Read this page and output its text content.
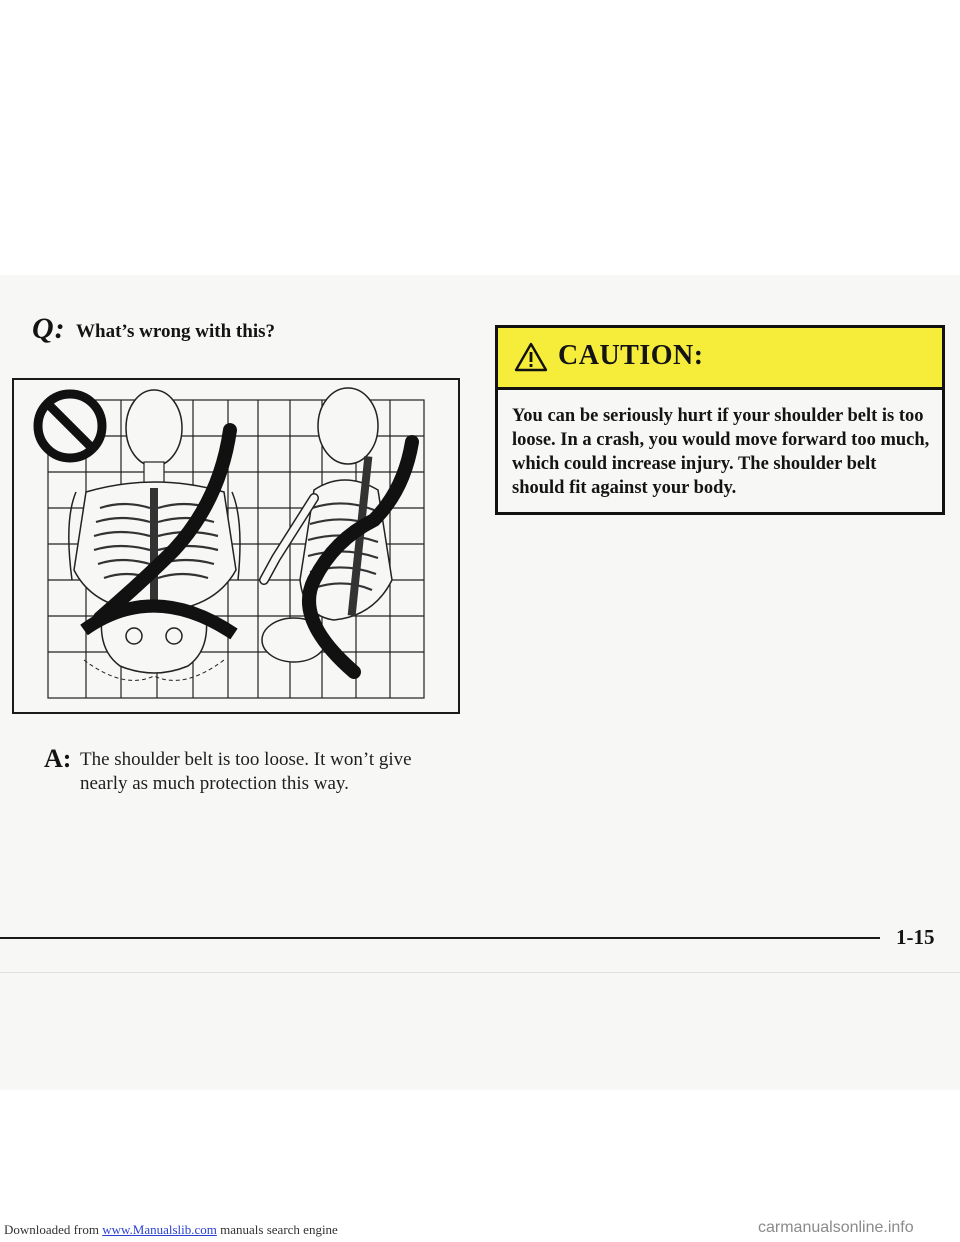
Q: What’s wrong with this?
A: The shoulder belt is too loose. It won’t give nearly as much protection this way.
CAUTION:
You can be seriously hurt if your shoulder belt is too loose. In a crash, you would move forward too much, which could increase injury. The shoulder belt should fit against your body.
1-15
Downloaded from www.Manualslib.com manuals search engine	carmanualsonline.info
